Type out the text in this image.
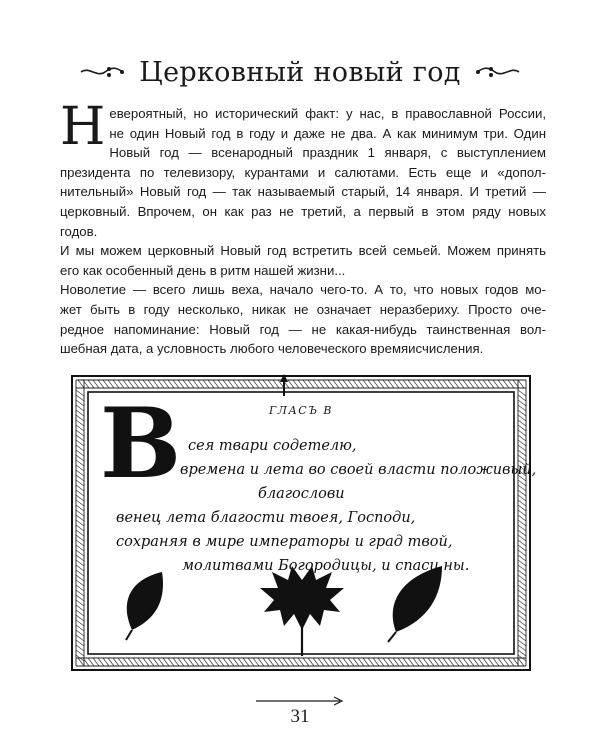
Церковный новый год
Н евероятный, но исторический факт: у нас, в православной России,
не один Новый год в году и даже не два. А как минимум три. Один
Новый год — всенародный праздник 1 января, с выступлением
президента по телевизору, курантами и салютами. Есть еще и «допол-
нительный» Новый год — так называемый старый, 14 января. И третий —
церковный. Впрочем, он как раз не третий, а первый в этом ряду новых
годов.
И мы можем церковный Новый год встретить всей семьей. Можем принять
его как особенный день в ритм нашей жизни...
Новолетие — всего лишь веха, начало чего-то. А то, что новых годов мо-
жет быть в году несколько, никак не означает неразбериху. Просто оче-
редное напоминание: Новый год — не какая-нибудь таинственная вол-
шебная дата, а условность любого человеческого времяисчисления.
ГЛАСЪ В
В сея твари содетелю,
времена и лета во своей власти положивый,
благослови
венец лета благости твоея, Господи,
сохраняя в мире императоры и град твой,
молитвами Богородицы, и спаси ны.
31
